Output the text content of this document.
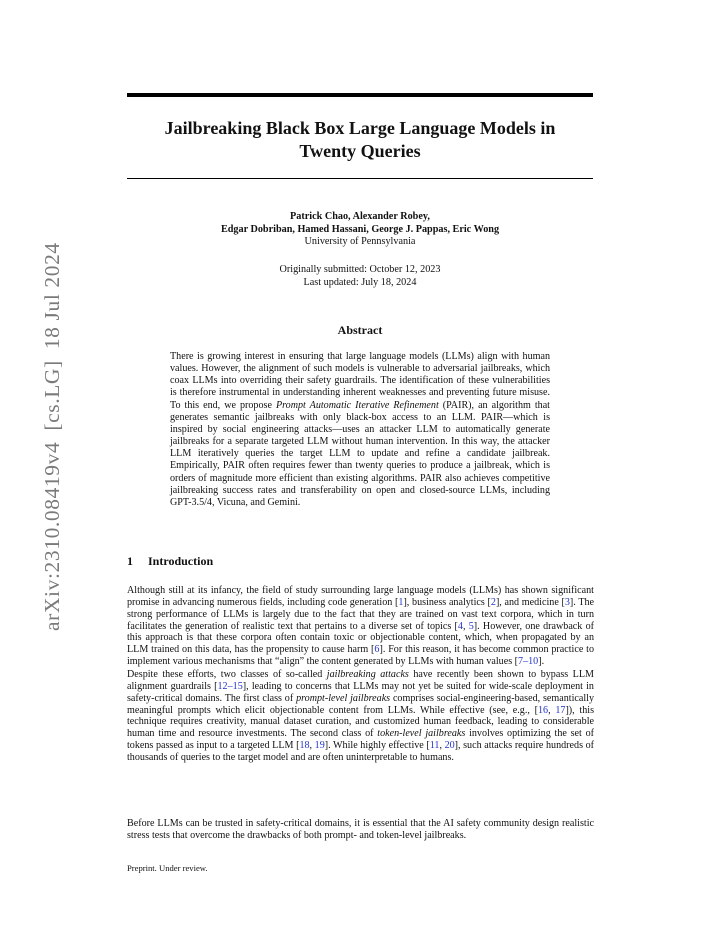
arXiv:2310.08419v4[cs.LG]18 Jul 2024
Jailbreaking Black Box Large Language Models in
Twenty Queries
Patrick Chao, Alexander Robey,
Edgar Dobriban, Hamed Hassani, George J. Pappas, Eric Wong
University of Pennsylvania
Originally submitted: October 12, 2023
Last updated: July 18, 2024
Abstract
There is growing interest in ensuring that large language models (LLMs) align with human values. However, the alignment of such models is vulnerable to adversarial jailbreaks, which coax LLMs into overriding their safety guardrails. The identification of these vulnerabilities is therefore instrumental in understanding inherent weaknesses and preventing future misuse. To this end, we propose Prompt Automatic Iterative Refinement (PAIR), an algorithm that generates semantic jailbreaks with only black-box access to an LLM. PAIR—which is inspired by social engineering attacks—uses an attacker LLM to automatically generate jailbreaks for a separate targeted LLM without human intervention. In this way, the attacker LLM iteratively queries the target LLM to update and refine a candidate jailbreak. Empirically, PAIR often requires fewer than twenty queries to produce a jailbreak, which is orders of magnitude more efficient than existing algorithms. PAIR also achieves competitive jailbreaking success rates and transferability on open and closed-source LLMs, including GPT-3.5/4, Vicuna, and Gemini.
1 Introduction
Although still at its infancy, the field of study surrounding large language models (LLMs) has shown significant promise in advancing numerous fields, including code generation [1], business analytics [2], and medicine [3]. The strong performance of LLMs is largely due to the fact that they are trained on vast text corpora, which in turn facilitates the generation of realistic text that pertains to a diverse set of topics [4, 5]. However, one drawback of this approach is that these corpora often contain toxic or objectionable content, which, when propagated by an LLM trained on this data, has the propensity to cause harm [6]. For this reason, it has become common practice to implement various mechanisms that “align” the content generated by LLMs with human values [7–10].
Despite these efforts, two classes of so-called jailbreaking attacks have recently been shown to bypass LLM alignment guardrails [12–15], leading to concerns that LLMs may not yet be suited for wide-scale deployment in safety-critical domains. The first class of prompt-level jailbreaks comprises social-engineering-based, semantically meaningful prompts which elicit objectionable content from LLMs. While effective (see, e.g., [16, 17]), this technique requires creativity, manual dataset curation, and customized human feedback, leading to considerable human time and resource investments. The second class of token-level jailbreaks involves optimizing the set of tokens passed as input to a targeted LLM [18, 19]. While highly effective [11, 20], such attacks require hundreds of thousands of queries to the target model and are often uninterpretable to humans.
Before LLMs can be trusted in safety-critical domains, it is essential that the AI safety community design realistic stress tests that overcome the drawbacks of both prompt- and token-level jailbreaks.
Preprint. Under review.
